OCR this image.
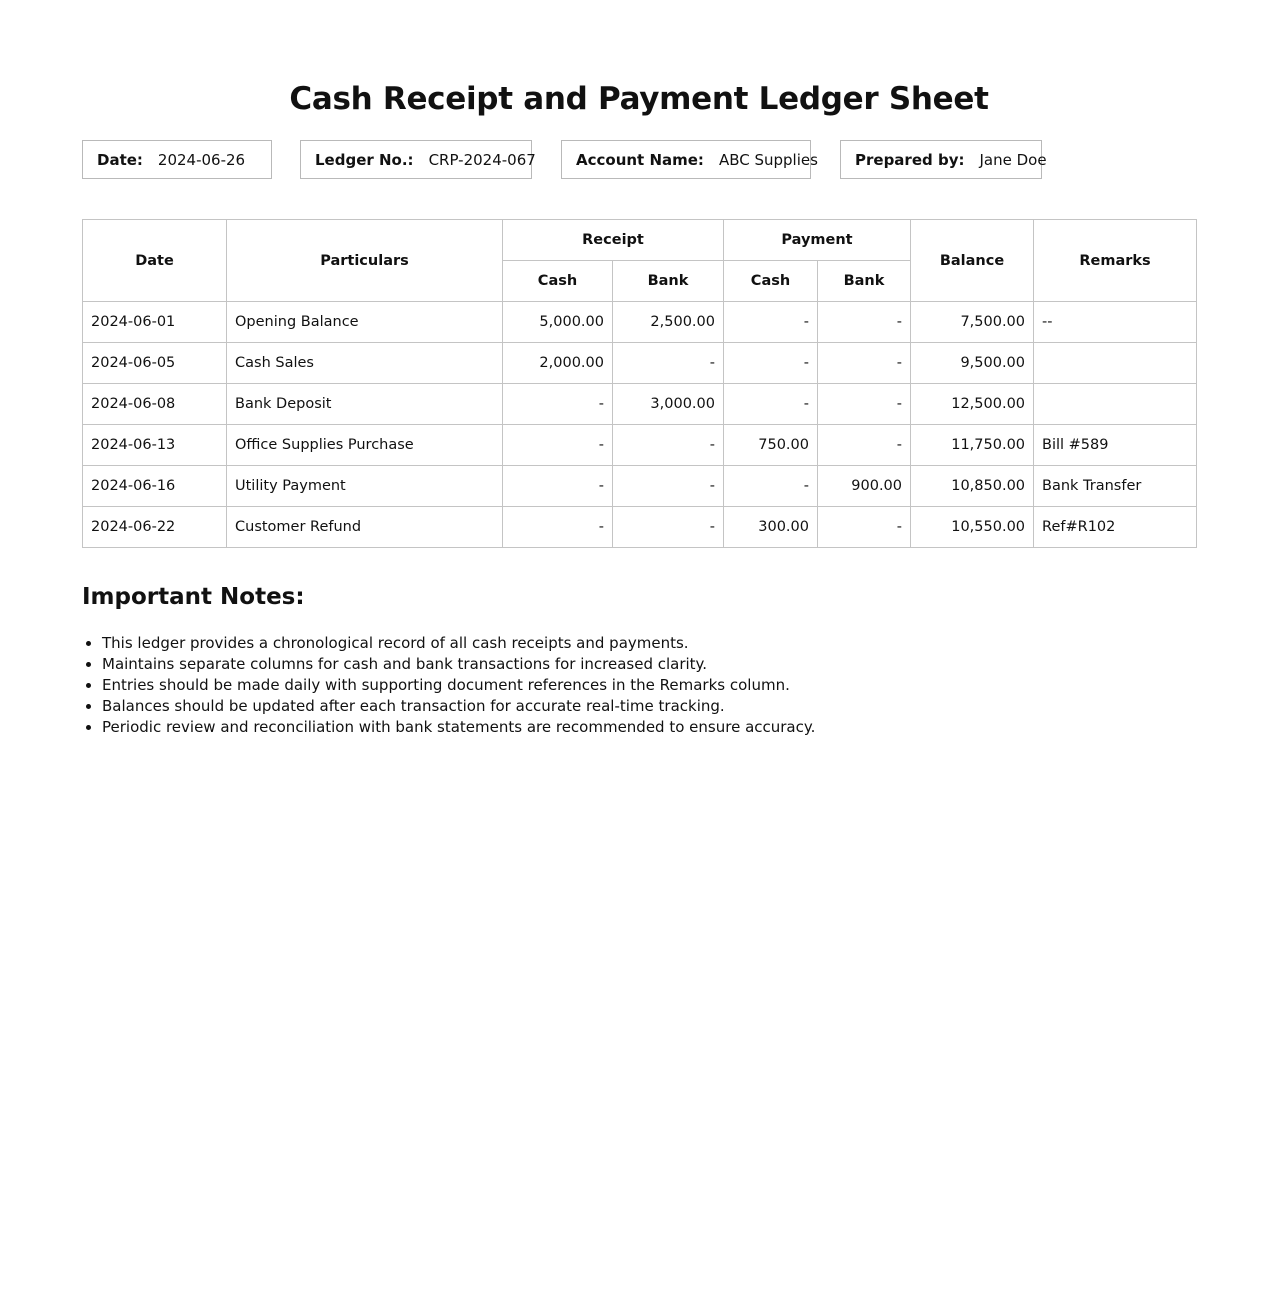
Cash Receipt and Payment Ledger Sheet
Date: 2024-06-26	Ledger No.: CRP-2024-067	Account Name: ABC Supplies Prepared by: Jane Doe
Date	Particulars	Receipt		Payment		Balance	Remarks
		Cash	Bank	Cash	Bank		
2024-06-01	Opening Balance	5,000.00	2,500.00	-	-	7,500.00	--
2024-06-05	Cash Sales	2,000.00	-	-	-	9,500.00	
2024-06-08	Bank Deposit	-	3,000.00	-	-	12,500.00	
2024-06-13	Office Supplies Purchase	-	-	750.00	-	11,750.00	Bill #589
2024-06-16	Utility Payment	-	-	-	900.00	10,850.00	Bank Transfer
2024-06-22	Customer Refund	-	-	300.00	-	10,550.00	Ref#R102
Important Notes:
• This ledger provides a chronological record of all cash receipts and payments.
• Maintains separate columns for cash and bank transactions for increased clarity.
• Entries should be made daily with supporting document references in the Remarks column.
• Balances should be updated after each transaction for accurate real-time tracking.
• Periodic review and reconciliation with bank statements are recommended to ensure accuracy.
